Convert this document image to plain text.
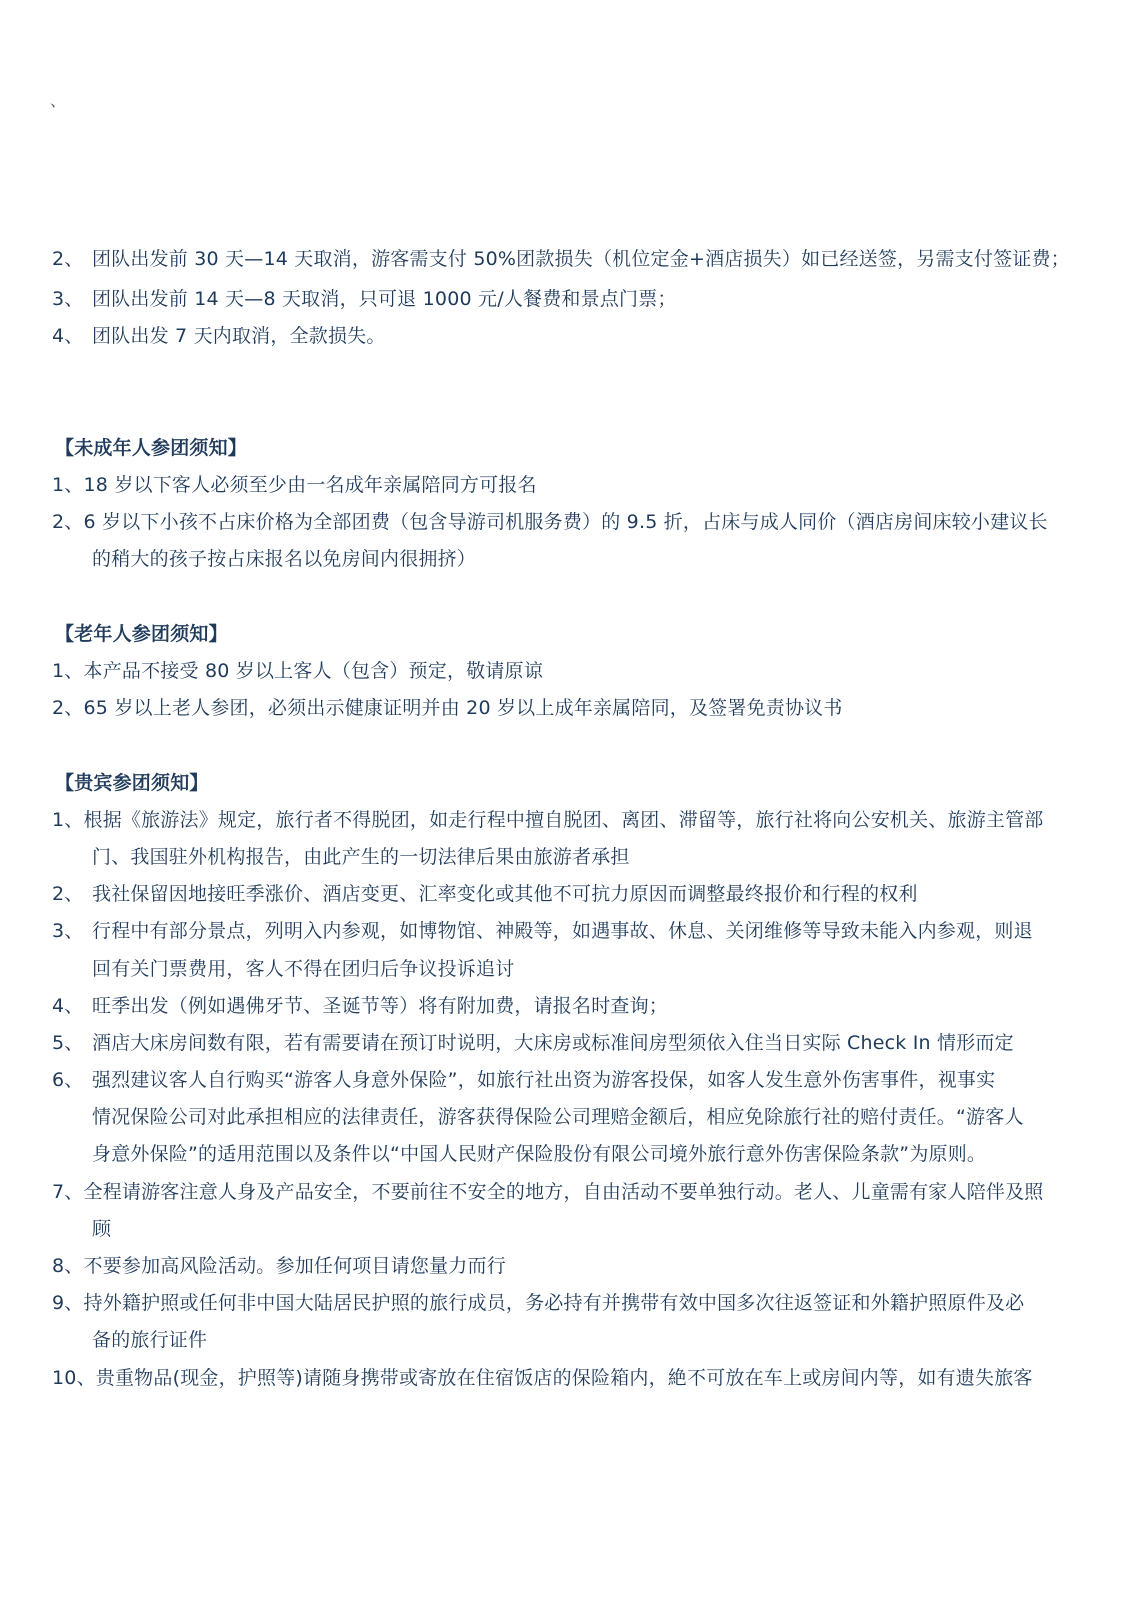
、
2、 团队出发前 30 天—14 天取消，游客需支付 50%团款损失（机位定金+酒店损失）如已经送签，另需支付签证费；
3、 团队出发前 14 天—8 天取消，只可退 1000 元/人餐费和景点门票；
4、 团队出发 7 天内取消，全款损失。
【未成年人参团须知】
1、18 岁以下客人必须至少由一名成年亲属陪同方可报名
2、6 岁以下小孩不占床价格为全部团费（包含导游司机服务费）的 9.5 折，占床与成人同价（酒店房间床较小建议长
的稍大的孩子按占床报名以免房间内很拥挤）
【老年人参团须知】
1、本产品不接受 80 岁以上客人（包含）预定，敬请原谅
2、65 岁以上老人参团，必须出示健康证明并由 20 岁以上成年亲属陪同，及签署免责协议书
【贵宾参团须知】
1、根据《旅游法》规定，旅行者不得脱团，如走行程中擅自脱团、离团、滞留等，旅行社将向公安机关、旅游主管部
门、我国驻外机构报告，由此产生的一切法律后果由旅游者承担
2、 我社保留因地接旺季涨价、酒店变更、汇率变化或其他不可抗力原因而调整最终报价和行程的权利
3、 行程中有部分景点，列明入内参观，如博物馆、神殿等，如遇事故、休息、关闭维修等导致未能入内参观，则退
回有关门票费用，客人不得在团归后争议投诉追讨
4、 旺季出发（例如遇佛牙节、圣诞节等）将有附加费，请报名时查询；
5、 酒店大床房间数有限，若有需要请在预订时说明，大床房或标准间房型须依入住当日实际 Check In 情形而定
6、 强烈建议客人自行购买“游客人身意外保险”，如旅行社出资为游客投保，如客人发生意外伤害事件，视事实
情况保险公司对此承担相应的法律责任，游客获得保险公司理赔金额后，相应免除旅行社的赔付责任。“游客人
身意外保险”的适用范围以及条件以“中国人民财产保险股份有限公司境外旅行意外伤害保险条款”为原则。
7、全程请游客注意人身及产品安全，不要前往不安全的地方，自由活动不要单独行动。老人、儿童需有家人陪伴及照
顾
8、不要参加高风险活动。参加任何项目请您量力而行
9、持外籍护照或任何非中国大陆居民护照的旅行成员，务必持有并携带有效中国多次往返签证和外籍护照原件及必
备的旅行证件
10、贵重物品(现金，护照等)请随身携带或寄放在住宿饭店的保险箱内，絶不可放在车上或房间内等，如有遗失旅客
